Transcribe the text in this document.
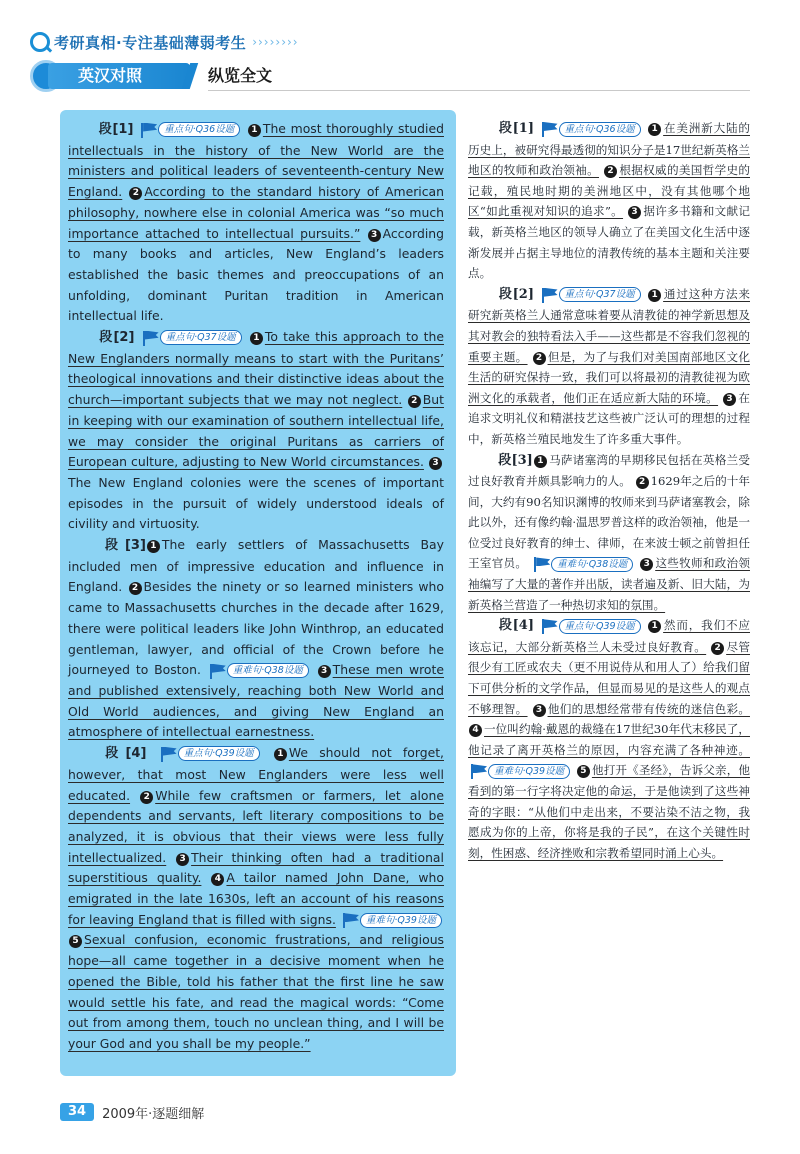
考研真相·专注基础薄弱考生 ››››››››
英汉对照	纵览全文

段[1]	重点句·Q36设题	1 The most thoroughly studied intellectuals in the history of the New World are the ministers and political leaders of seventeenth-century New England. 2 According to the standard history of American philosophy, nowhere else in colonial America was “so much importance attached to intellectual pursuits.” 3 According to many books and articles, New England’s leaders established the basic themes and preoccupations of an unfolding, dominant Puritan tradition in American intellectual life.

段[2]	重点句·Q37设题	1 To take this approach to the New Englanders normally means to start with the Puritans’ theological innovations and their distinctive ideas about the church—important subjects that we may not neglect. 2 But in keeping with our examination of southern intellectual life, we may consider the original Puritans as carriers of European culture, adjusting to New World circumstances. 3The New England colonies were the scenes of important episodes in the pursuit of widely understood ideals of civility and virtuosity.

段[3] 1 The early settlers of Massachusetts Bay included men of impressive education and influence in England. 2 Besides the ninety or so learned ministers who came to Massachusetts churches in the decade after 1629, there were political leaders like John Winthrop, an educated gentleman, lawyer, and official of the Crown before he journeyed to Boston.	重难句·Q38设题	3 These men wrote and published extensively, reaching both New World and Old World audiences, and giving New England an atmosphere of intellectual earnestness.

段[4]	重点句·Q39设题	1 We should not forget, however, that most New Englanders were less well educated. 2 While few craftsmen or farmers, let alone dependents and servants, left literary compositions to be analyzed, it is obvious that their views were less fully intellectualized. 3 Their thinking often had a traditional superstitious quality. 4 A tailor named John Dane, who emigrated in the late 1630s, left an account of his reasons for leaving England that is filled with signs.	重难句·Q39设题
5 Sexual confusion, economic frustrations, and religious hope—all came together in a decisive moment when he opened the Bible, told his father that the first line he saw would settle his fate, and read the magical words: “Come out from among them, touch no unclean thing, and I will be your God and you shall be my people.”

段[1]	重点句·Q36设题	1 在美洲新大陆的历史上，被研究得最透彻的知识分子是17世纪新英格兰地区的牧师和政治领袖。 2 根据权威的美国哲学史的记载，殖民地时期的美洲地区中，没有其他哪个地区“如此重视对知识的追求”。 3 据许多书籍和文献记载，新英格兰地区的领导人确立了在美国文化生活中逐渐发展并占据主导地位的清教传统的基本主题和关注要点。

段[2]	重点句·Q37设题	1 通过这种方法来研究新英格兰人通常意味着要从清教徒的神学新思想及其对教会的独特看法入手——这些都是不容我们忽视的重要主题。 2 但是，为了与我们对美国南部地区文化生活的研究保持一致，我们可以将最初的清教徒视为欧洲文化的承载者，他们正在适应新大陆的环境。 3 在追求文明礼仪和精湛技艺这些被广泛认可的理想的过程中，新英格兰殖民地发生了许多重大事件。

段[3] 1 马萨诸塞湾的早期移民包括在英格兰受过良好教育并颇具影响力的人。 2 1629年之后的十年间，大约有90名知识渊博的牧师来到马萨诸塞教会，除此以外，还有像约翰·温思罗普这样的政治领袖，他是一位受过良好教育的绅士、律师，在来波士顿之前曾担任王室官员。	重难句·Q38设题	3 这些牧师和政治领袖编写了大量的著作并出版，读者遍及新、旧大陆，为新英格兰营造了一种热切求知的氛围。

段[4]	重点句·Q39设题	1 然而，我们不应该忘记，大部分新英格兰人未受过良好教育。 2 尽管很少有工匠或农夫（更不用说侍从和用人了）给我们留下可供分析的文学作品，但显而易见的是这些人的观点不够理智。 3 他们的思想经常带有传统的迷信色彩。 4 一位叫约翰·戴恩的裁缝在17世纪30年代末移民了，他记录了离开英格兰的原因，内容充满了各种神迹。
重难句·Q39设题	5 他打开《圣经》，告诉父亲，他看到的第一行字将决定他的命运，于是他读到了这些神奇的字眼：“从他们中走出来，不要沾染不洁之物，我愿成为你的上帝，你将是我的子民”，在这个关键性时刻，性困惑、经济挫败和宗教希望同时涌上心头。

34	2009年·逐题细解
